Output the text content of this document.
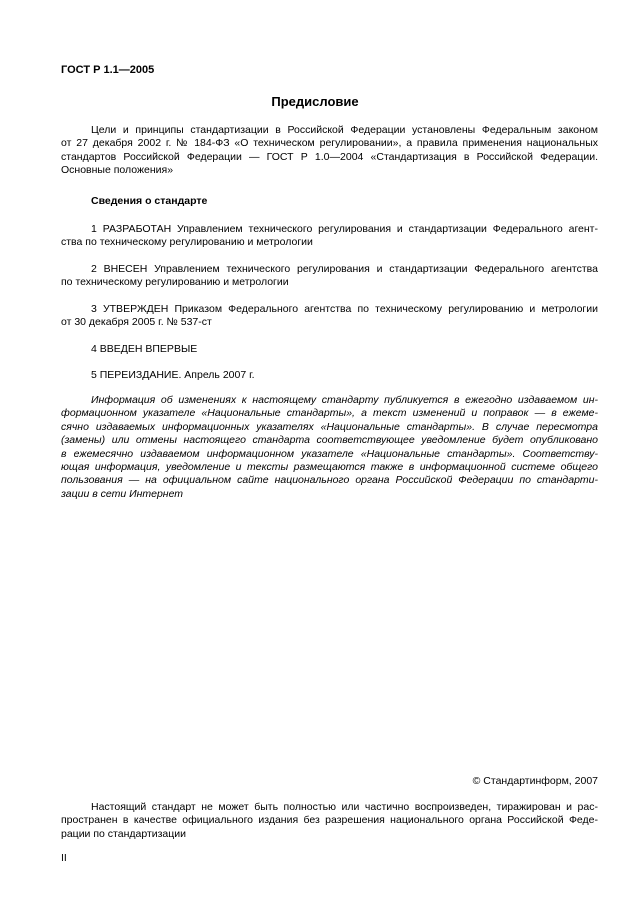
ГОСТ Р 1.1—2005
Предисловие
Цели и принципы стандартизации в Российской Федерации установлены Федеральным законом
от 27 декабря 2002 г. № 184-ФЗ «О техническом регулировании», а правила применения национальных
стандартов Российской Федерации — ГОСТ Р 1.0—2004 «Стандартизация в Российской Федерации.
Основные положения»
Сведения о стандарте
1 РАЗРАБОТАН Управлением технического регулирования и стандартизации Федерального агент-
ства по техническому регулированию и метрологии
2 ВНЕСЕН Управлением технического регулирования и стандартизации Федерального агентства
по техническому регулированию и метрологии
3 УТВЕРЖДЕН Приказом Федерального агентства по техническому регулированию и метрологии
от 30 декабря 2005 г. № 537-ст
4 ВВЕДЕН ВПЕРВЫЕ
5 ПЕРЕИЗДАНИЕ. Апрель 2007 г.
Информация об изменениях к настоящему стандарту публикуется в ежегодно издаваемом ин-
формационном указателе «Национальные стандарты», а текст изменений и поправок — в ежеме-
сячно издаваемых информационных указателях «Национальные стандарты». В случае пересмотра
(замены) или отмены настоящего стандарта соответствующее уведомление будет опубликовано
в ежемесячно издаваемом информационном указателе «Национальные стандарты». Соответству-
ющая информация, уведомление и тексты размещаются также в информационной системе общего
пользования — на официальном сайте национального органа Российской Федерации по стандарти-
зации в сети Интернет
© Стандартинформ, 2007
Настоящий стандарт не может быть полностью или частично воспроизведен, тиражирован и рас-
пространен в качестве официального издания без разрешения национального органа Российской Феде-
рации по стандартизации
II
